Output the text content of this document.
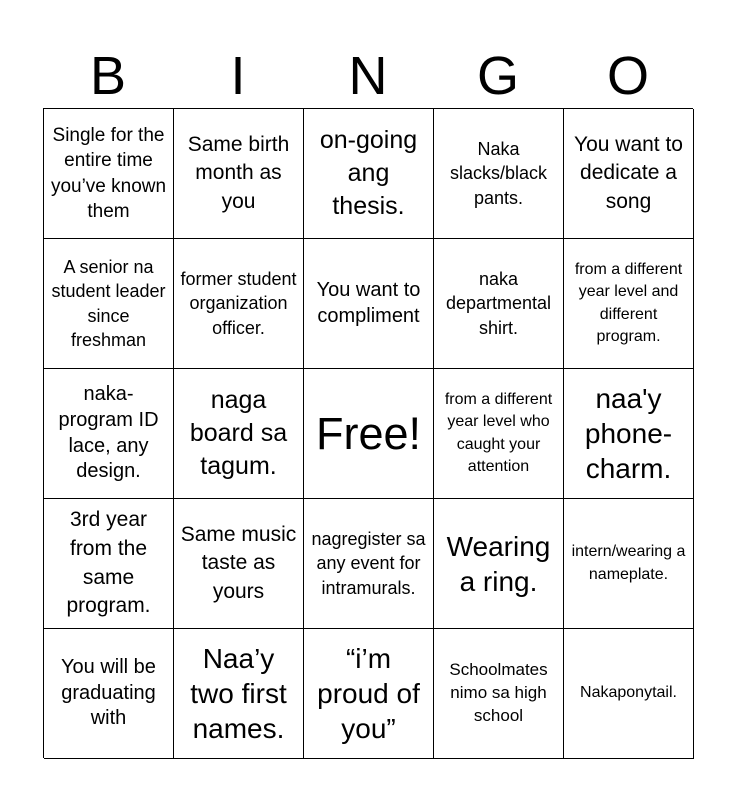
B	I	N	G	O
Single for the entire time you’ve known them
Same birth month as you
on-going ang thesis.
Naka slacks/black pants.
You want to dedicate a song
A senior na student leader since freshman
former student organization officer.
You want to compliment
naka departmental shirt.
from a different year level and different program.
naka-program ID lace, any design.
naga board sa tagum.
Free!
from a different year level who caught your attention
naa'y phone-charm.
3rd year from the same program.
Same music taste as yours
nagregister sa any event for intramurals.
Wearing a ring.
intern/wearing a nameplate.
You will be graduating with
Naa’y two first names.
“i’m proud of you”
Schoolmates nimo sa high school
Nakaponytail.
